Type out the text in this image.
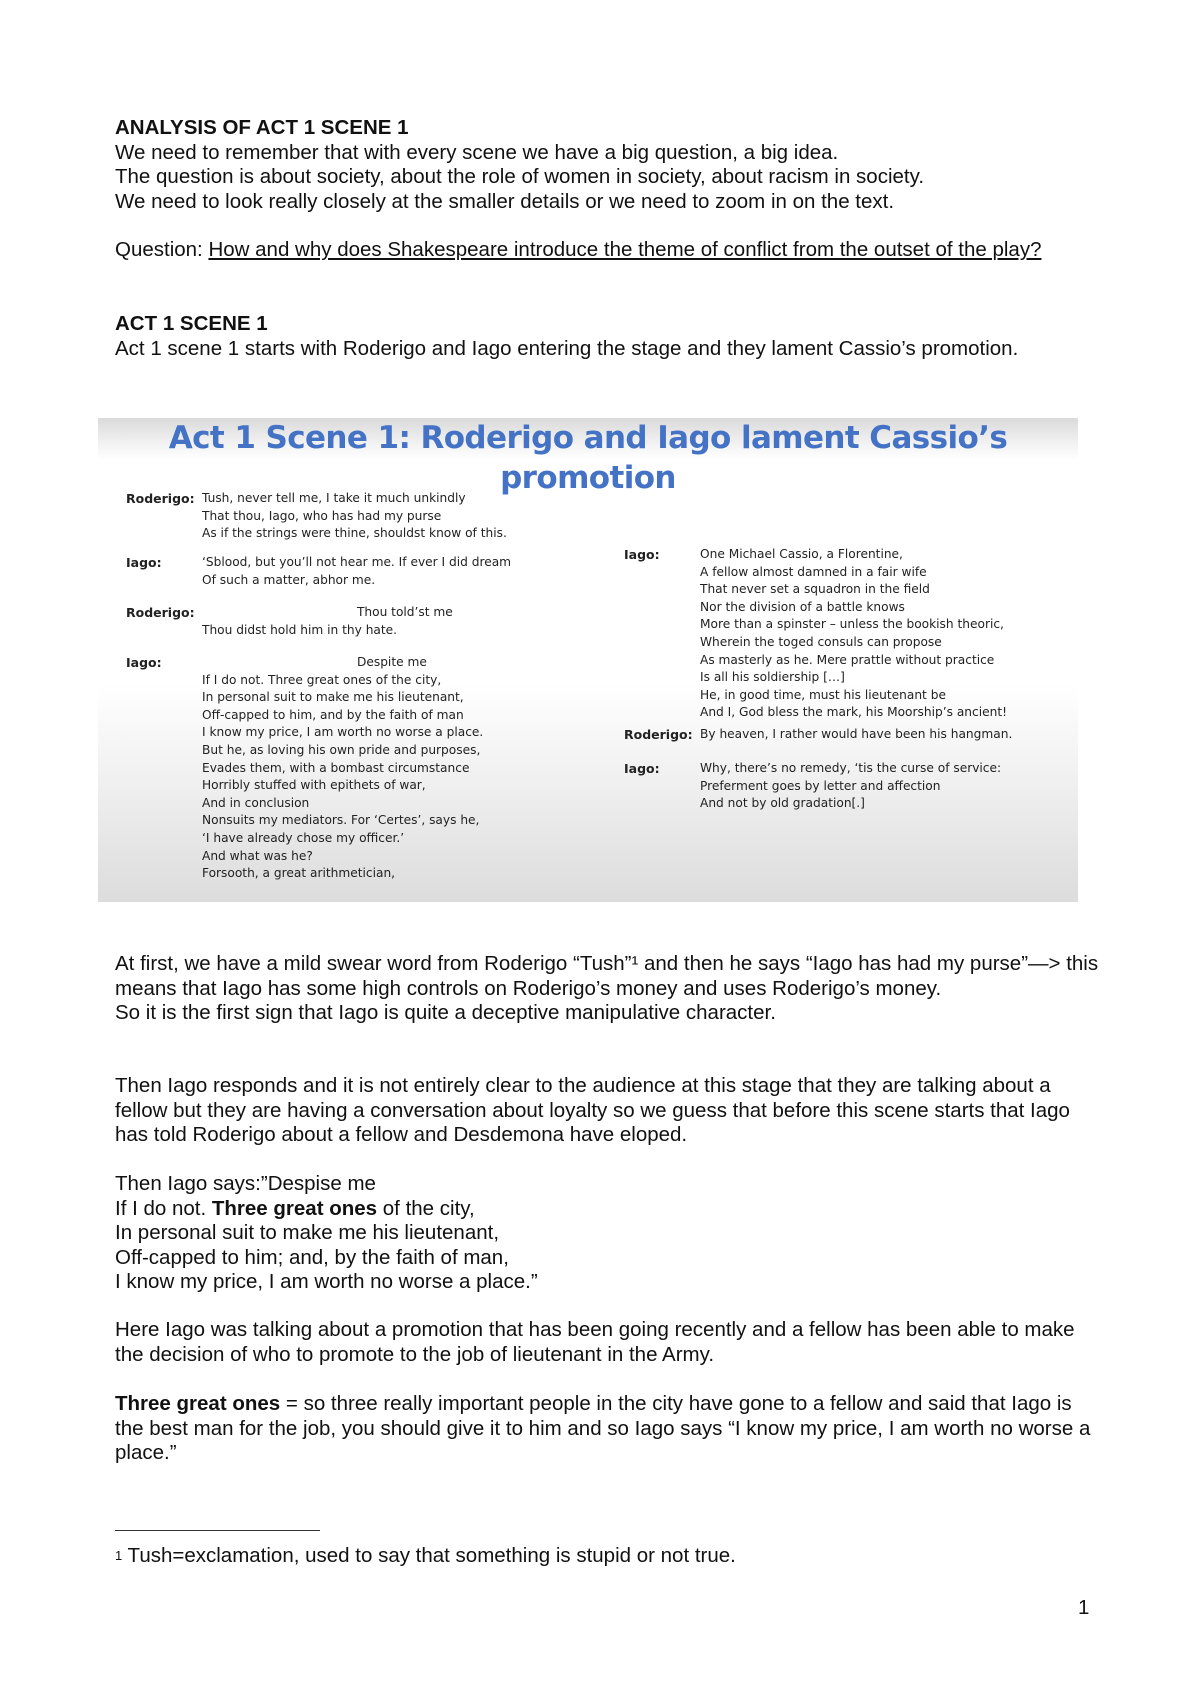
ANALYSIS OF ACT 1 SCENE 1

We need to remember that with every scene we have a big question, a big idea.

The question is about society, about the role of women in society, about racism in society.

We need to look really closely at the smaller details or we need to zoom in on the text.

Question: How and why does Shakespeare introduce the theme of conflict from the outset of the play?

ACT 1 SCENE 1

Act 1 scene 1 starts with Roderigo and Iago entering the stage and they lament Cassio’s promotion.

Act 1 Scene 1: Roderigo and Iago lament Cassio’s promotion
Roderigo: Tush, never tell me, I take it much unkindly
That thou, Iago, who has had my purse
As if the strings were thine, shouldst know of this.
Iago:	‘Sblood, but you’ll not hear me. If ever I did dream
Of such a matter, abhor me.
Roderigo: Thou told’st me
Thou didst hold him in thy hate.
Iago:	Despite me
If I do not. Three great ones of the city,
In personal suit to make me his lieutenant,
Off-capped to him, and by the faith of man
I know my price, I am worth no worse a place.
But he, as loving his own pride and purposes,
Evades them, with a bombast circumstance
Horribly stuffed with epithets of war,
And in conclusion
Nonsuits my mediators. For ‘Certes’, says he,
‘I have already chose my officer.’
And what was he?
Forsooth, a great arithmetician,
Iago:	One Michael Cassio, a Florentine,
A fellow almost damned in a fair wife
That never set a squadron in the field
Nor the division of a battle knows
More than a spinster – unless the bookish theoric,
Wherein the toged consuls can propose
As masterly as he. Mere prattle without practice
Is all his soldiership […]
He, in good time, must his lieutenant be
And I, God bless the mark, his Moorship’s ancient!
Roderigo: By heaven, I rather would have been his hangman.
Iago:	Why, there’s no remedy, ‘tis the curse of service:
Preferment goes by letter and affection
And not by old gradation[.]

At first, we have a mild swear word from Roderigo “Tush”¹ and then he says “Iago has had my purse”—> this means that Iago has some high controls on Roderigo’s money and uses Roderigo’s money.

So it is the first sign that Iago is quite a deceptive manipulative character.

Then Iago responds and it is not entirely clear to the audience at this stage that they are talking about a fellow but they are having a conversation about loyalty so we guess that before this scene starts that Iago has told Roderigo about a fellow and Desdemona have eloped.

Then Iago says:”Despise me

If I do not. Three great ones of the city,

In personal suit to make me his lieutenant,

Off-capped to him; and, by the faith of man,

I know my price, I am worth no worse a place.”

Here Iago was talking about a promotion that has been going recently and a fellow has been able to make the decision of who to promote to the job of lieutenant in the Army.

Three great ones = so three really important people in the city have gone to a fellow and said that Iago is the best man for the job, you should give it to him and so Iago says “I know my price, I am worth no worse a place.”

$^1$ Tush=exclamation, used to say that something is stupid or not true.
1
